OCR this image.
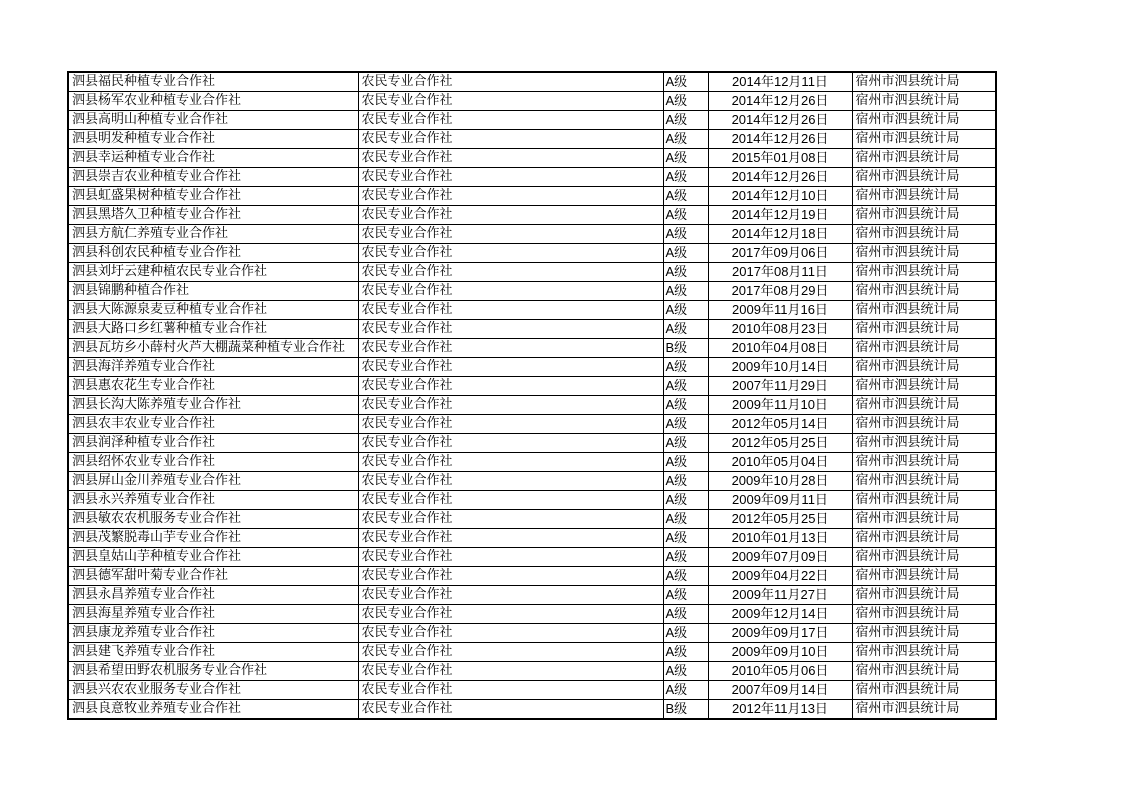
泗县福民种植专业合作社	农民专业合作社	A级	2014年12月11日	宿州市泗县统计局
泗县杨军农业种植专业合作社	农民专业合作社	A级	2014年12月26日	宿州市泗县统计局
泗县高明山种植专业合作社	农民专业合作社	A级	2014年12月26日	宿州市泗县统计局
泗县明发种植专业合作社	农民专业合作社	A级	2014年12月26日	宿州市泗县统计局
泗县幸运种植专业合作社	农民专业合作社	A级	2015年01月08日	宿州市泗县统计局
泗县崇吉农业种植专业合作社	农民专业合作社	A级	2014年12月26日	宿州市泗县统计局
泗县虹盛果树种植专业合作社	农民专业合作社	A级	2014年12月10日	宿州市泗县统计局
泗县黑塔久卫种植专业合作社	农民专业合作社	A级	2014年12月19日	宿州市泗县统计局
泗县方航仁养殖专业合作社	农民专业合作社	A级	2014年12月18日	宿州市泗县统计局
泗县科创农民种植专业合作社	农民专业合作社	A级	2017年09月06日	宿州市泗县统计局
泗县刘圩云建种植农民专业合作社	农民专业合作社	A级	2017年08月11日	宿州市泗县统计局
泗县锦鹏种植合作社	农民专业合作社	A级	2017年08月29日	宿州市泗县统计局
泗县大陈源泉麦豆种植专业合作社	农民专业合作社	A级	2009年11月16日	宿州市泗县统计局
泗县大路口乡红薯种植专业合作社	农民专业合作社	A级	2010年08月23日	宿州市泗县统计局
泗县瓦坊乡小薛村火芦大棚蔬菜种植专业合作社	农民专业合作社	B级	2010年04月08日	宿州市泗县统计局
泗县海洋养殖专业合作社	农民专业合作社	A级	2009年10月14日	宿州市泗县统计局
泗县惠农花生专业合作社	农民专业合作社	A级	2007年11月29日	宿州市泗县统计局
泗县长沟大陈养殖专业合作社	农民专业合作社	A级	2009年11月10日	宿州市泗县统计局
泗县农丰农业专业合作社	农民专业合作社	A级	2012年05月14日	宿州市泗县统计局
泗县润泽种植专业合作社	农民专业合作社	A级	2012年05月25日	宿州市泗县统计局
泗县绍怀农业专业合作社	农民专业合作社	A级	2010年05月04日	宿州市泗县统计局
泗县屏山金川养殖专业合作社	农民专业合作社	A级	2009年10月28日	宿州市泗县统计局
泗县永兴养殖专业合作社	农民专业合作社	A级	2009年09月11日	宿州市泗县统计局
泗县敏农农机服务专业合作社	农民专业合作社	A级	2012年05月25日	宿州市泗县统计局
泗县茂繁脱毒山芋专业合作社	农民专业合作社	A级	2010年01月13日	宿州市泗县统计局
泗县皇姑山芋种植专业合作社	农民专业合作社	A级	2009年07月09日	宿州市泗县统计局
泗县德军甜叶菊专业合作社	农民专业合作社	A级	2009年04月22日	宿州市泗县统计局
泗县永昌养殖专业合作社	农民专业合作社	A级	2009年11月27日	宿州市泗县统计局
泗县海星养殖专业合作社	农民专业合作社	A级	2009年12月14日	宿州市泗县统计局
泗县康龙养殖专业合作社	农民专业合作社	A级	2009年09月17日	宿州市泗县统计局
泗县建飞养殖专业合作社	农民专业合作社	A级	2009年09月10日	宿州市泗县统计局
泗县希望田野农机服务专业合作社	农民专业合作社	A级	2010年05月06日	宿州市泗县统计局
泗县兴农农业服务专业合作社	农民专业合作社	A级	2007年09月14日	宿州市泗县统计局
泗县良意牧业养殖专业合作社	农民专业合作社	B级	2012年11月13日	宿州市泗县统计局
